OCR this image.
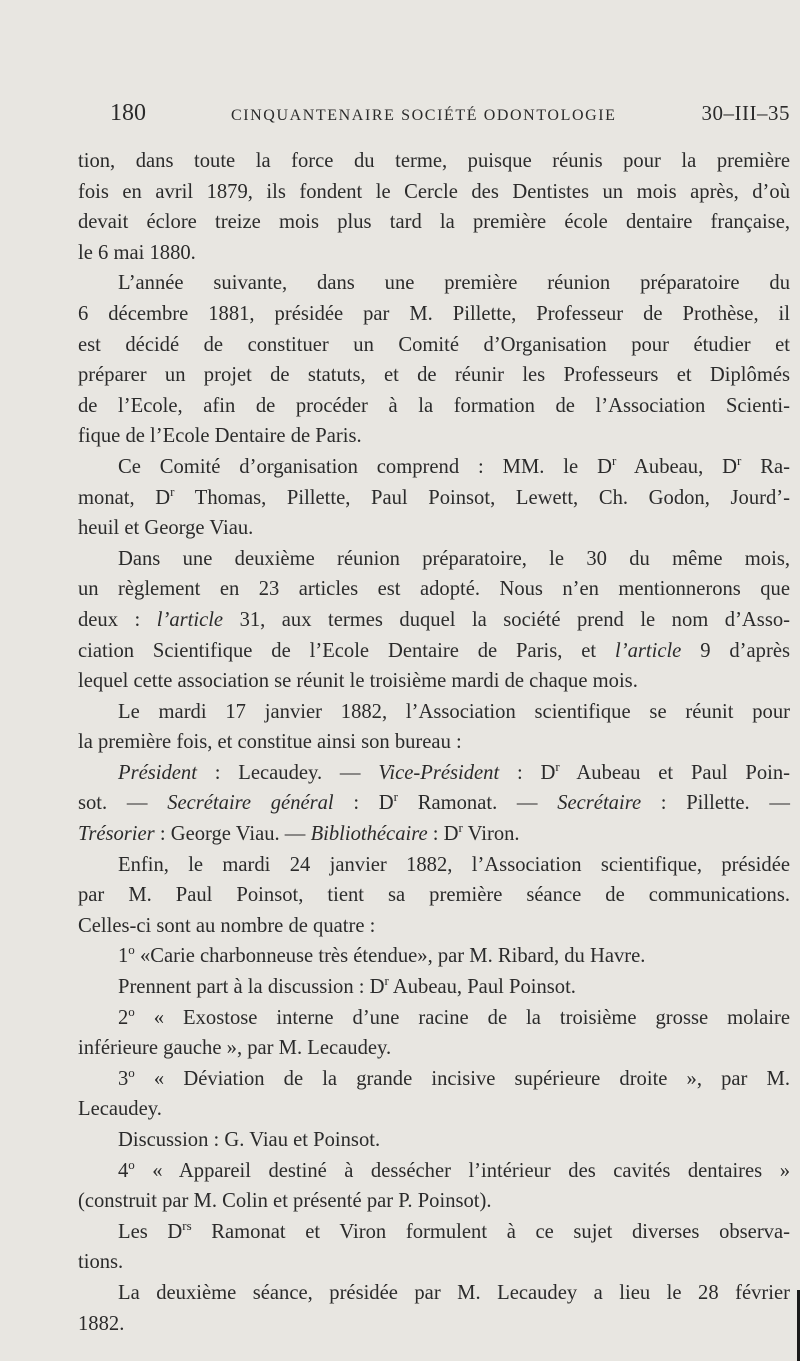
180	CINQUANTENAIRE SOCIÉTÉ ODONTOLOGIE	30–III–35
tion, dans toute la force du terme, puisque réunis pour la première
fois en avril 1879, ils fondent le Cercle des Dentistes un mois après, d’où
devait éclore treize mois plus tard la première école dentaire française,
le 6 mai 1880.
L’année suivante, dans une première réunion préparatoire du
6 décembre 1881, présidée par M. Pillette, Professeur de Prothèse, il
est décidé de constituer un Comité d’Organisation pour étudier et
préparer un projet de statuts, et de réunir les Professeurs et Diplômés
de l’Ecole, afin de procéder à la formation de l’Association Scienti-
fique de l’Ecole Dentaire de Paris.
Ce Comité d’organisation comprend : MM. le $D^r$ Aubeau, $D^r$ Ra-
monat, $D^r$ Thomas, Pillette, Paul Poinsot, Lewett, Ch. Godon, Jourd’-
heuil et George Viau.
Dans une deuxième réunion préparatoire, le 30 du même mois,
un règlement en 23 articles est adopté. Nous n’en mentionnerons que
deux : l’article 31, aux termes duquel la société prend le nom d’Asso-
ciation Scientifique de l’Ecole Dentaire de Paris, et l’article 9 d’après
lequel cette association se réunit le troisième mardi de chaque mois.
Le mardi 17 janvier 1882, l’Association scientifique se réunit pour
la première fois, et constitue ainsi son bureau :
Président : Lecaudey. — Vice-Président : $D^r$ Aubeau et Paul Poin-
sot. — Secrétaire général : $D^r$ Ramonat. — Secrétaire : Pillette. —
Trésorier : George Viau. — Bibliothécaire : $D^r$ Viron.
Enfin, le mardi 24 janvier 1882, l’Association scientifique, présidée
par M. Paul Poinsot, tient sa première séance de communications.
Celles-ci sont au nombre de quatre :
1$^o$ «Carie charbonneuse très étendue», par M. Ribard, du Havre.
Prennent part à la discussion : $D^r$ Aubeau, Paul Poinsot.
2$^o$ « Exostose interne d’une racine de la troisième grosse molaire
inférieure gauche », par M. Lecaudey.
3$^o$ « Déviation de la grande incisive supérieure droite », par M.
Lecaudey.
Discussion : G. Viau et Poinsot.
4$^o$ « Appareil destiné à dessécher l’intérieur des cavités dentaires »
(construit par M. Colin et présenté par P. Poinsot).
Les $D^{rs}$ Ramonat et Viron formulent à ce sujet diverses observa-
tions.
La deuxième séance, présidée par M. Lecaudey a lieu le 28 février
1882.
